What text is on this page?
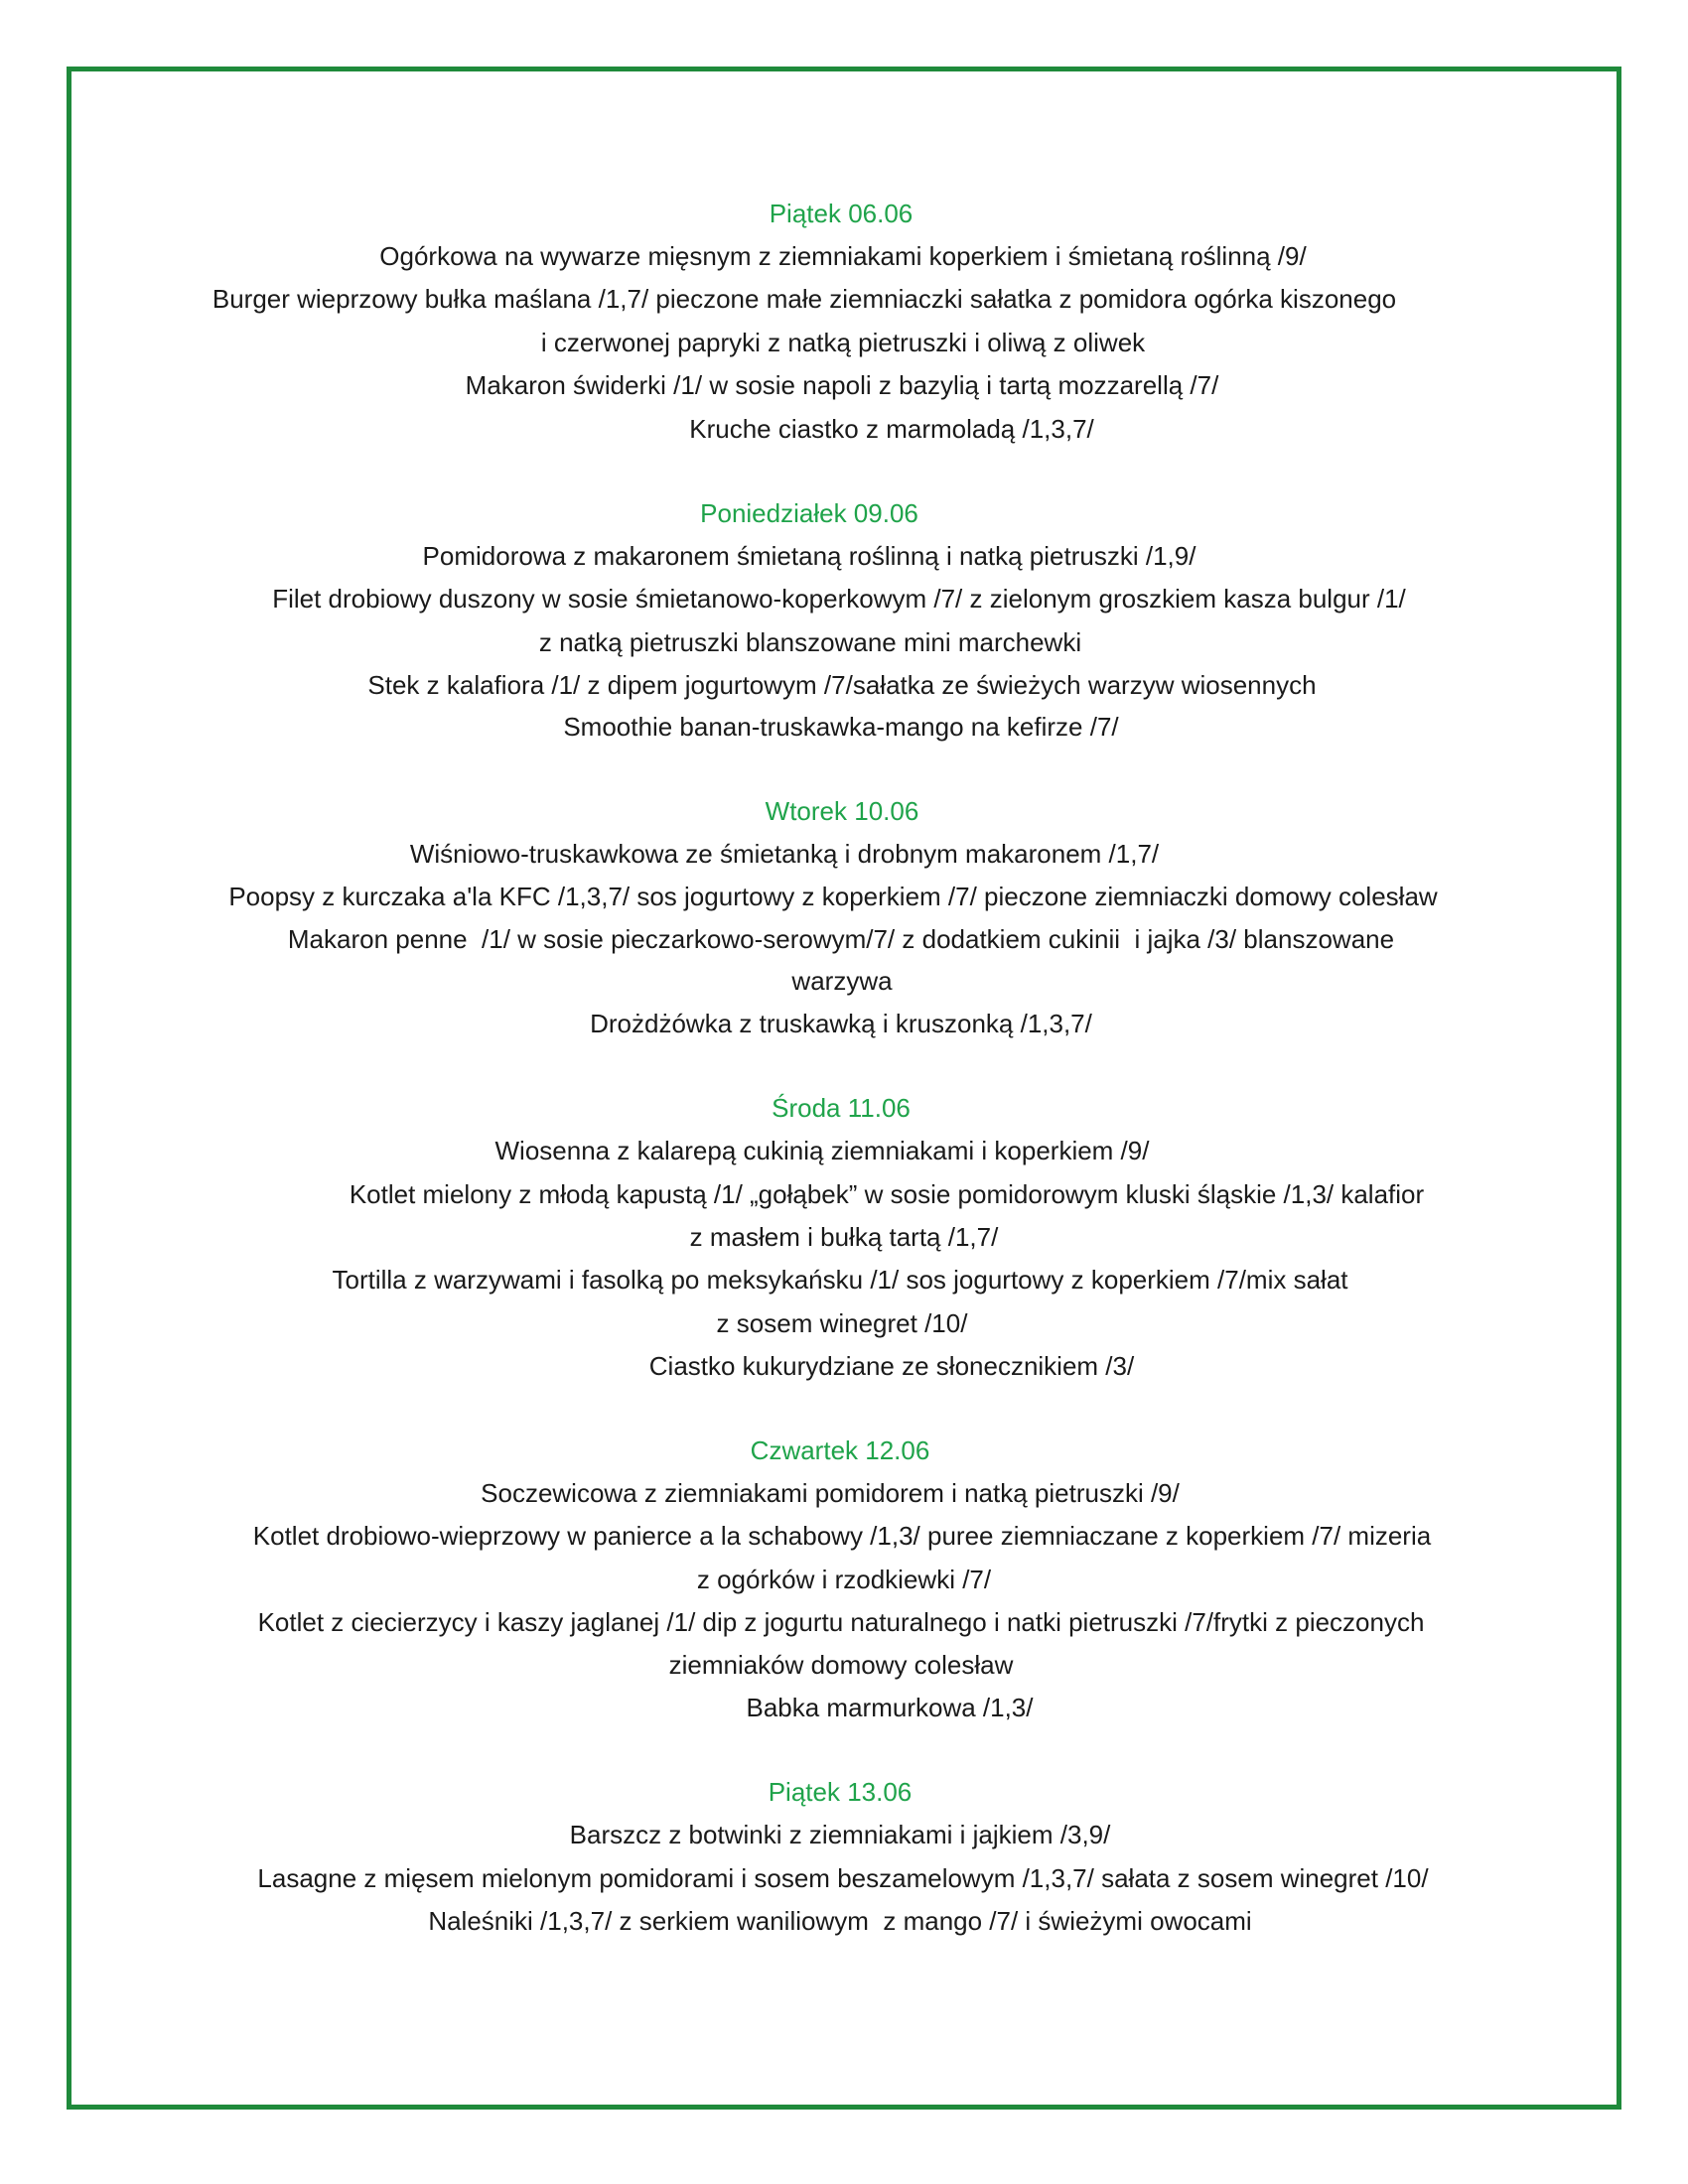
Piątek 06.06
Ogórkowa na wywarze mięsnym z ziemniakami koperkiem i śmietaną roślinną /9/
Burger wieprzowy bułka maślana /1,7/ pieczone małe ziemniaczki sałatka z pomidora ogórka kiszonego
i czerwonej papryki z natką pietruszki i oliwą z oliwek
Makaron świderki /1/ w sosie napoli z bazylią i tartą mozzarellą /7/
Kruche ciastko z marmoladą /1,3,7/
Poniedziałek 09.06
Pomidorowa z makaronem śmietaną roślinną i natką pietruszki /1,9/
Filet drobiowy duszony w sosie śmietanowo-koperkowym /7/ z zielonym groszkiem kasza bulgur /1/
z natką pietruszki blanszowane mini marchewki
Stek z kalafiora /1/ z dipem jogurtowym /7/sałatka ze świeżych warzyw wiosennych
Smoothie banan-truskawka-mango na kefirze /7/
Wtorek 10.06
Wiśniowo-truskawkowa ze śmietanką i drobnym makaronem /1,7/
Poopsy z kurczaka a'la KFC /1,3,7/ sos jogurtowy z koperkiem /7/ pieczone ziemniaczki domowy colesław
Makaron penne  /1/ w sosie pieczarkowo-serowym/7/ z dodatkiem cukinii  i jajka /3/ blanszowane
warzywa
Drożdżówka z truskawką i kruszonką /1,3,7/
Środa 11.06
Wiosenna z kalarepą cukinią ziemniakami i koperkiem /9/
Kotlet mielony z młodą kapustą /1/ „gołąbek” w sosie pomidorowym kluski śląskie /1,3/ kalafior
z masłem i bułką tartą /1,7/
Tortilla z warzywami i fasolką po meksykańsku /1/ sos jogurtowy z koperkiem /7/mix sałat
z sosem winegret /10/
Ciastko kukurydziane ze słonecznikiem /3/
Czwartek 12.06
Soczewicowa z ziemniakami pomidorem i natką pietruszki /9/
Kotlet drobiowo-wieprzowy w panierce a la schabowy /1,3/ puree ziemniaczane z koperkiem /7/ mizeria
z ogórków i rzodkiewki /7/
Kotlet z ciecierzycy i kaszy jaglanej /1/ dip z jogurtu naturalnego i natki pietruszki /7/frytki z pieczonych
ziemniaków domowy colesław
Babka marmurkowa /1,3/
Piątek 13.06
Barszcz z botwinki z ziemniakami i jajkiem /3,9/
Lasagne z mięsem mielonym pomidorami i sosem beszamelowym /1,3,7/ sałata z sosem winegret /10/
Naleśniki /1,3,7/ z serkiem waniliowym  z mango /7/ i świeżymi owocami
